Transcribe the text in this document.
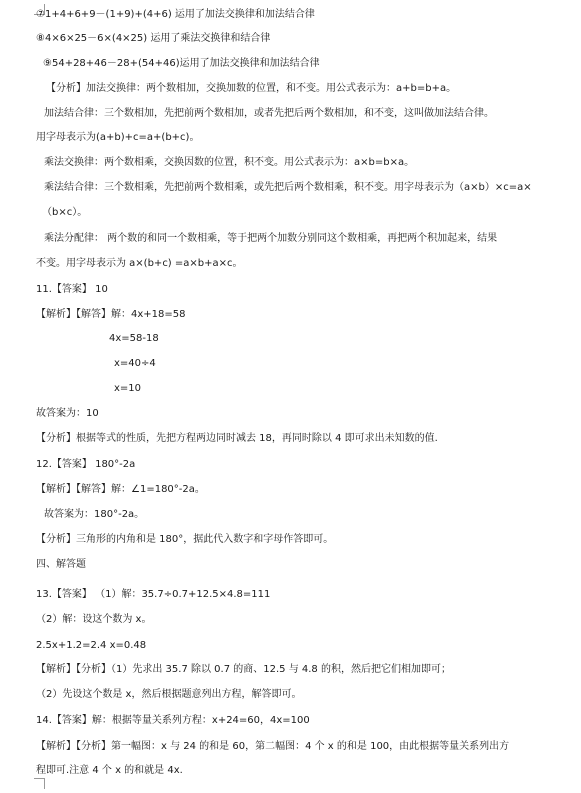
⑦1+4+6+9－(1+9)+(4+6) 运用了加法交换律和加法结合律
⑧4×6×25－6×(4×25) 运用了乘法交换律和结合律
⑨54+28+46－28+(54+46)运用了加法交换律和加法结合律
【分析】加法交换律：两个数相加，交换加数的位置，和不变。用公式表示为：a+b=b+a。
加法结合律：三个数相加，先把前两个数相加，或者先把后两个数相加，和不变，这叫做加法结合律。
用字母表示为(a+b)+c=a+(b+c)。
乘法交换律：两个数相乘，交换因数的位置，积不变。用公式表示为：a×b=b×a。
乘法结合律：三个数相乘，先把前两个数相乘，或先把后两个数相乘，积不变。用字母表示为（a×b）×c=a×
（b×c）。
乘法分配律： 两个数的和同一个数相乘，等于把两个加数分别同这个数相乘，再把两个积加起来，结果
不变。用字母表示为 a×(b+c) =a×b+a×c。
11.【答案】 10
【解析】【解答】解：4x+18=58
4x=58-18
x=40÷4
x=10
故答案为：10
【分析】根据等式的性质，先把方程两边同时减去 18，再同时除以 4 即可求出未知数的值.
12.【答案】 180°-2a
【解析】【解答】解：∠1=180°-2a。
故答案为：180°-2a。
【分析】三角形的内角和是 180°，据此代入数字和字母作答即可。
四、解答题
13.【答案】 （1）解：35.7÷0.7+12.5×4.8=111
（2）解：设这个数为 x。
2.5x+1.2=2.4 x=0.48
【解析】【分析】（1）先求出 35.7 除以 0.7 的商、12.5 与 4.8 的积，然后把它们相加即可；
（2）先设这个数是 x，然后根据题意列出方程，解答即可。
14.【答案】解：根据等量关系列方程：x+24=60，4x=100
【解析】【分析】第一幅图：x 与 24 的和是 60，第二幅图：4 个 x 的和是 100，由此根据等量关系列出方
程即可.注意 4 个 x 的和就是 4x.
